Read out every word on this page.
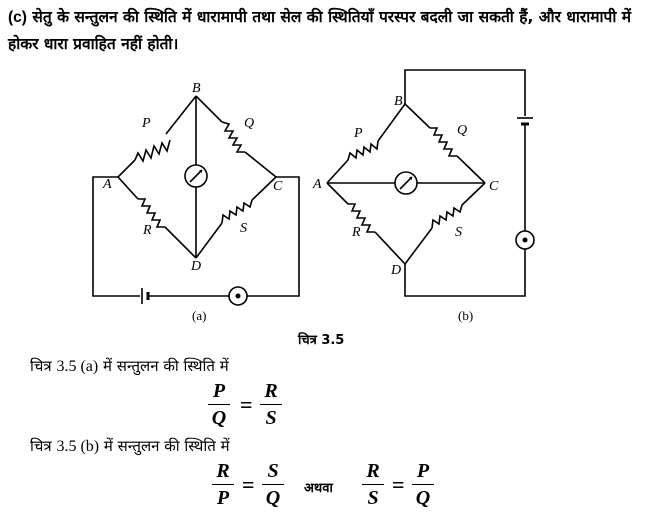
(c) सेतु के सन्तुलन की स्थिति में धारामापी तथा सेल की स्थितियाँ परस्पर बदली जा सकती हैं, और धारामापी में होकर धारा प्रवाहित नहीं होती।
B
A	C
D
P	Q
R	S
(a)
B
A	C
D
P	Q
R	S
(b)
चित्र 3.5
चित्र 3.5 (a) में सन्तुलन की स्थिति में
P
Q
=
R
S
चित्र 3.5 (b) में सन्तुलन की स्थिति में
R
P
=
S
Q अथवा
R
S
=
P
Q
